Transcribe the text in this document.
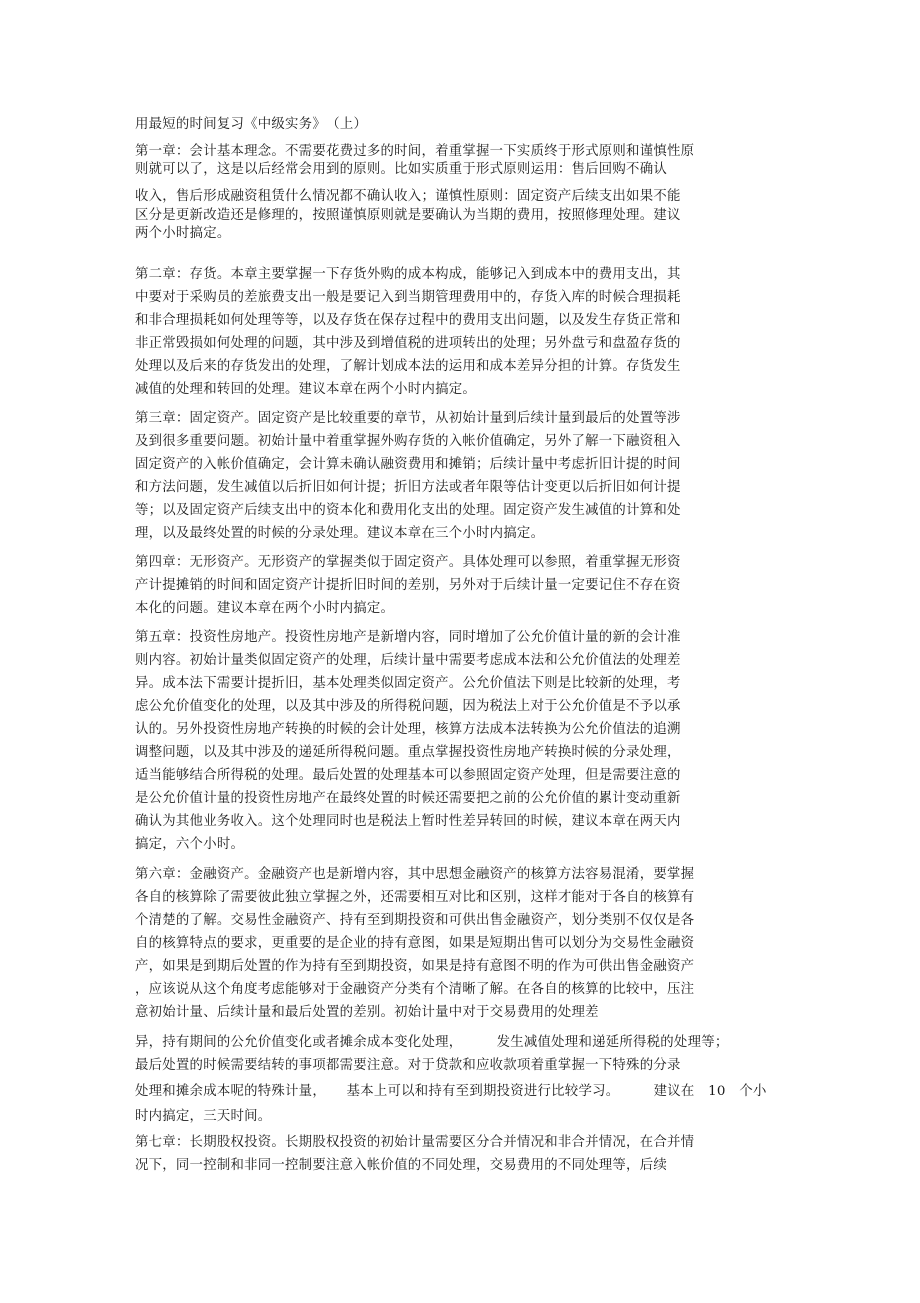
用最短的时间复习《中级实务》　（上）
第一章：会计基本理念。不需要花费过多的时间，着重掌握一下实质终于形式原则和谨慎性原
则就可以了，这是以后经常会用到的原则。比如实质重于形式原则运用：售后回购不确认
收入，售后形成融资租赁什么情况都不确认收入；谨慎性原则：固定资产后续支出如果不能
区分是更新改造还是修理的，按照谨慎原则就是要确认为当期的费用，按照修理处理。建议
两个小时搞定。
第二章：存货。本章主要掌握一下存货外购的成本构成，能够记入到成本中的费用支出，其
中要对于采购员的差旅费支出一般是要记入到当期管理费用中的，存货入库的时候合理损耗
和非合理损耗如何处理等等，以及存货在保存过程中的费用支出问题，以及发生存货正常和
非正常毁损如何处理的问题，其中涉及到增值税的进项转出的处理；另外盘亏和盘盈存货的
处理以及后来的存货发出的处理，了解计划成本法的运用和成本差异分担的计算。存货发生
减值的处理和转回的处理。建议本章在两个小时内搞定。
第三章：固定资产。固定资产是比较重要的章节，从初始计量到后续计量到最后的处置等涉
及到很多重要问题。初始计量中着重掌握外购存货的入帐价值确定，另外了解一下融资租入
固定资产的入帐价值确定，会计算未确认融资费用和摊销；后续计量中考虑折旧计提的时间
和方法问题，发生减值以后折旧如何计提；折旧方法或者年限等估计变更以后折旧如何计提
等；以及固定资产后续支出中的资本化和费用化支出的处理。固定资产发生减值的计算和处
理，以及最终处置的时候的分录处理。建议本章在三个小时内搞定。
第四章：无形资产。无形资产的掌握类似于固定资产。具体处理可以参照，着重掌握无形资
产计提摊销的时间和固定资产计提折旧时间的差别，另外对于后续计量一定要记住不存在资
本化的问题。建议本章在两个小时内搞定。
第五章：投资性房地产。投资性房地产是新增内容，同时增加了公允价值计量的新的会计准
则内容。初始计量类似固定资产的处理，后续计量中需要考虑成本法和公允价值法的处理差
异。成本法下需要计提折旧，基本处理类似固定资产。公允价值法下则是比较新的处理，考
虑公允价值变化的处理，以及其中涉及的所得税问题，因为税法上对于公允价值是不予以承
认的。另外投资性房地产转换的时候的会计处理，核算方法成本法转换为公允价值法的追溯
调整问题，以及其中涉及的递延所得税问题。重点掌握投资性房地产转换时候的分录处理，
适当能够结合所得税的处理。最后处置的处理基本可以参照固定资产处理，但是需要注意的
是公允价值计量的投资性房地产在最终处置的时候还需要把之前的公允价值的累计变动重新
确认为其他业务收入。这个处理同时也是税法上暂时性差异转回的时候，建议本章在两天内
搞定，六个小时。
第六章：金融资产。金融资产也是新增内容，其中思想金融资产的核算方法容易混淆，要掌握
各自的核算除了需要彼此独立掌握之外，还需要相互对比和区别，这样才能对于各自的核算有
个清楚的了解。交易性金融资产、持有至到期投资和可供出售金融资产，划分类别不仅仅是各
自的核算特点的要求，更重要的是企业的持有意图，如果是短期出售可以划分为交易性金融资
产，如果是到期后处置的作为持有至到期投资，如果是持有意图不明的作为可供出售金融资产
，应该说从这个角度考虑能够对于金融资产分类有个清晰了解。在各自的核算的比较中，压注
意初始计量、后续计量和最后处置的差别。初始计量中对于交易费用的处理差
异，持有期间的公允价值变化或者摊余成本变化处理，　　　发生减值处理和递延所得税的处理等；
最后处置的时候需要结转的事项都需要注意。对于贷款和应收款项着重掌握一下特殊的分录
处理和摊余成本呢的特殊计量，　　基本上可以和持有至到期投资进行比较学习。　　　建议在　10　个小
时内搞定，三天时间。
第七章：长期股权投资。长期股权投资的初始计量需要区分合并情况和非合并情况，在合并情
况下，同一控制和非同一控制要注意入帐价值的不同处理，交易费用的不同处理等，后续
